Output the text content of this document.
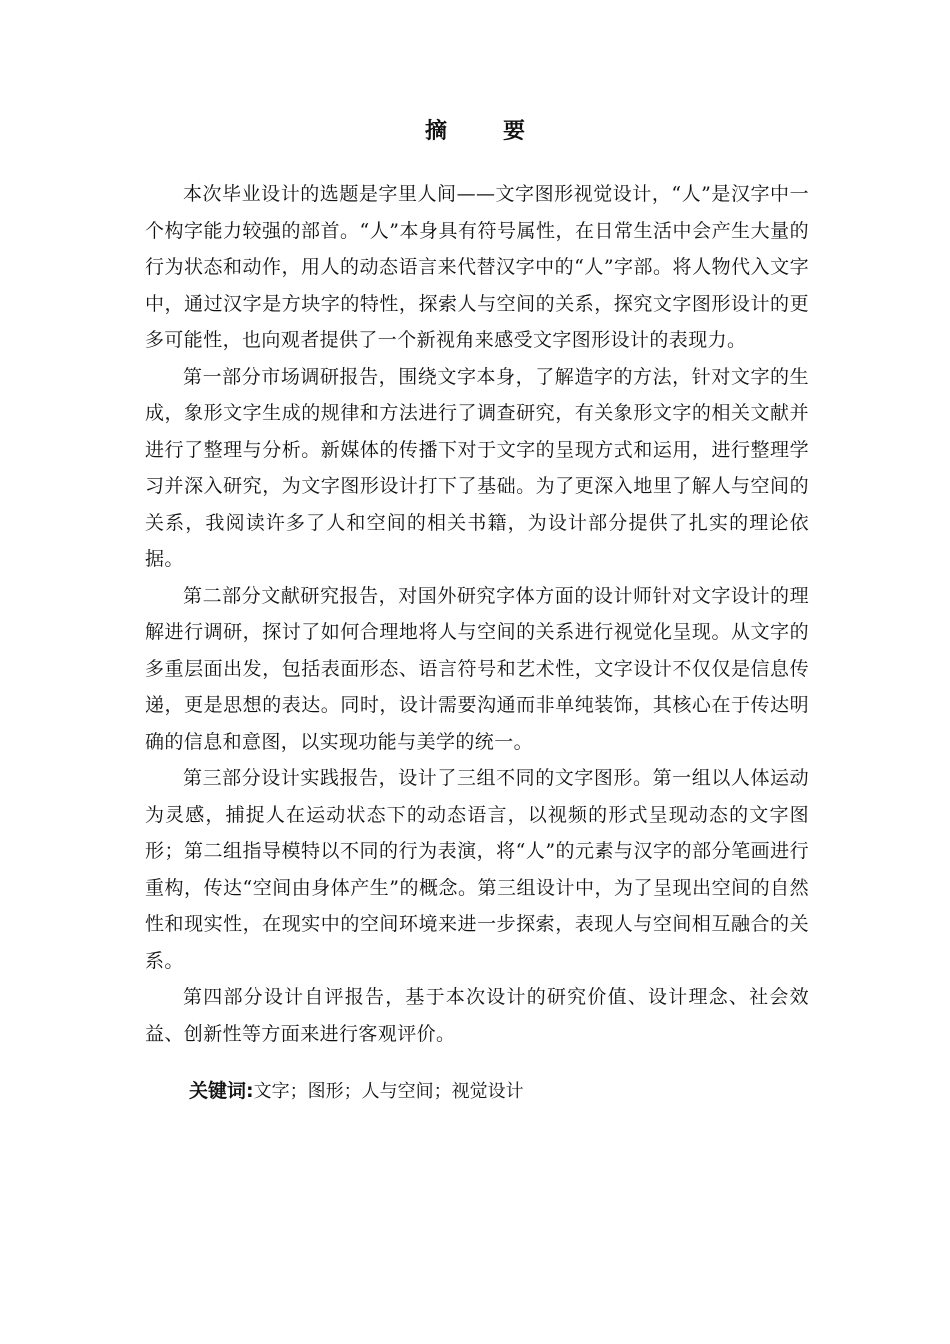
摘 要

本次毕业设计的选题是字里人间——文字图形视觉设计，“人”是汉字中一个构字能力较强的部首。“人”本身具有符号属性，在日常生活中会产生大量的行为状态和动作，用人的动态语言来代替汉字中的“人”字部。将人物代入文字中，通过汉字是方块字的特性，探索人与空间的关系，探究文字图形设计的更多可能性，也向观者提供了一个新视角来感受文字图形设计的表现力。

第一部分市场调研报告，围绕文字本身，了解造字的方法，针对文字的生成，象形文字生成的规律和方法进行了调查研究，有关象形文字的相关文献并进行了整理与分析。新媒体的传播下对于文字的呈现方式和运用，进行整理学习并深入研究，为文字图形设计打下了基础。为了更深入地里了解人与空间的关系，我阅读许多了人和空间的相关书籍，为设计部分提供了扎实的理论依据。

第二部分文献研究报告，对国外研究字体方面的设计师针对文字设计的理解进行调研，探讨了如何合理地将人与空间的关系进行视觉化呈现。从文字的多重层面出发，包括表面形态、语言符号和艺术性，文字设计不仅仅是信息传递，更是思想的表达。同时，设计需要沟通而非单纯装饰，其核心在于传达明确的信息和意图，以实现功能与美学的统一。

第三部分设计实践报告，设计了三组不同的文字图形。第一组以人体运动为灵感，捕捉人在运动状态下的动态语言，以视频的形式呈现动态的文字图形；第二组指导模特以不同的行为表演，将“人”的元素与汉字的部分笔画进行重构，传达“空间由身体产生”的概念。第三组设计中，为了呈现出空间的自然性和现实性，在现实中的空间环境来进一步探索，表现人与空间相互融合的关系。

第四部分设计自评报告，基于本次设计的研究价值、设计理念、社会效益、创新性等方面来进行客观评价。

关键词:文字；图形；人与空间；视觉设计
